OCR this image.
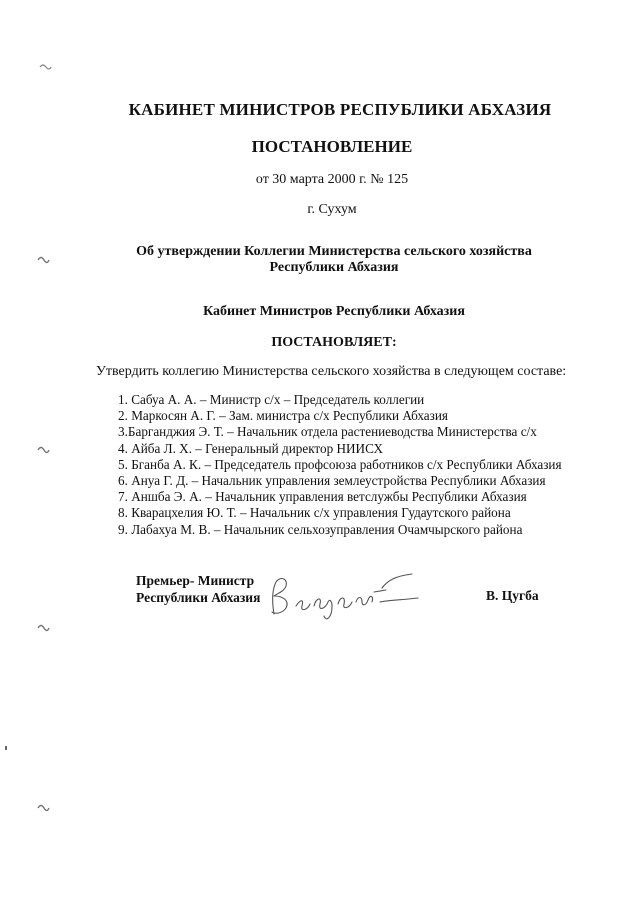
КАБИНЕТ МИНИСТРОВ РЕСПУБЛИКИ АБХАЗИЯ
ПОСТАНОВЛЕНИЕ
от 30 марта 2000 г. № 125
г. Сухум
Об утверждении Коллегии Министерства сельского хозяйства
Республики Абхазия
Кабинет Министров Республики Абхазия
ПОСТАНОВЛЯЕТ:
Утвердить коллегию Министерства сельского хозяйства в следующем составе:
1. Сабуа А. А. – Министр с/х – Председатель коллегии
2. Маркосян А. Г. – Зам. министра с/х Республики Абхазия
3.Барганджия Э. Т. – Начальник отдела растениеводства Министерства с/х
4. Айба Л. Х. – Генеральный директор НИИСХ
5. Бганба А. К. – Председатель профсоюза работников с/х Республики Абхазия
6. Ануа Г. Д. – Начальник управления землеустройства Республики Абхазия
7. Аншба Э. А. – Начальник управления ветслужбы Республики Абхазия
8. Кварацхелия Ю. Т. – Начальник с/х управления Гудаутского района
9. Лабахуа М. В. – Начальник сельхозуправления Очамчырского района
Премьер- Министр
Республики Абхазия	В. Цугба
